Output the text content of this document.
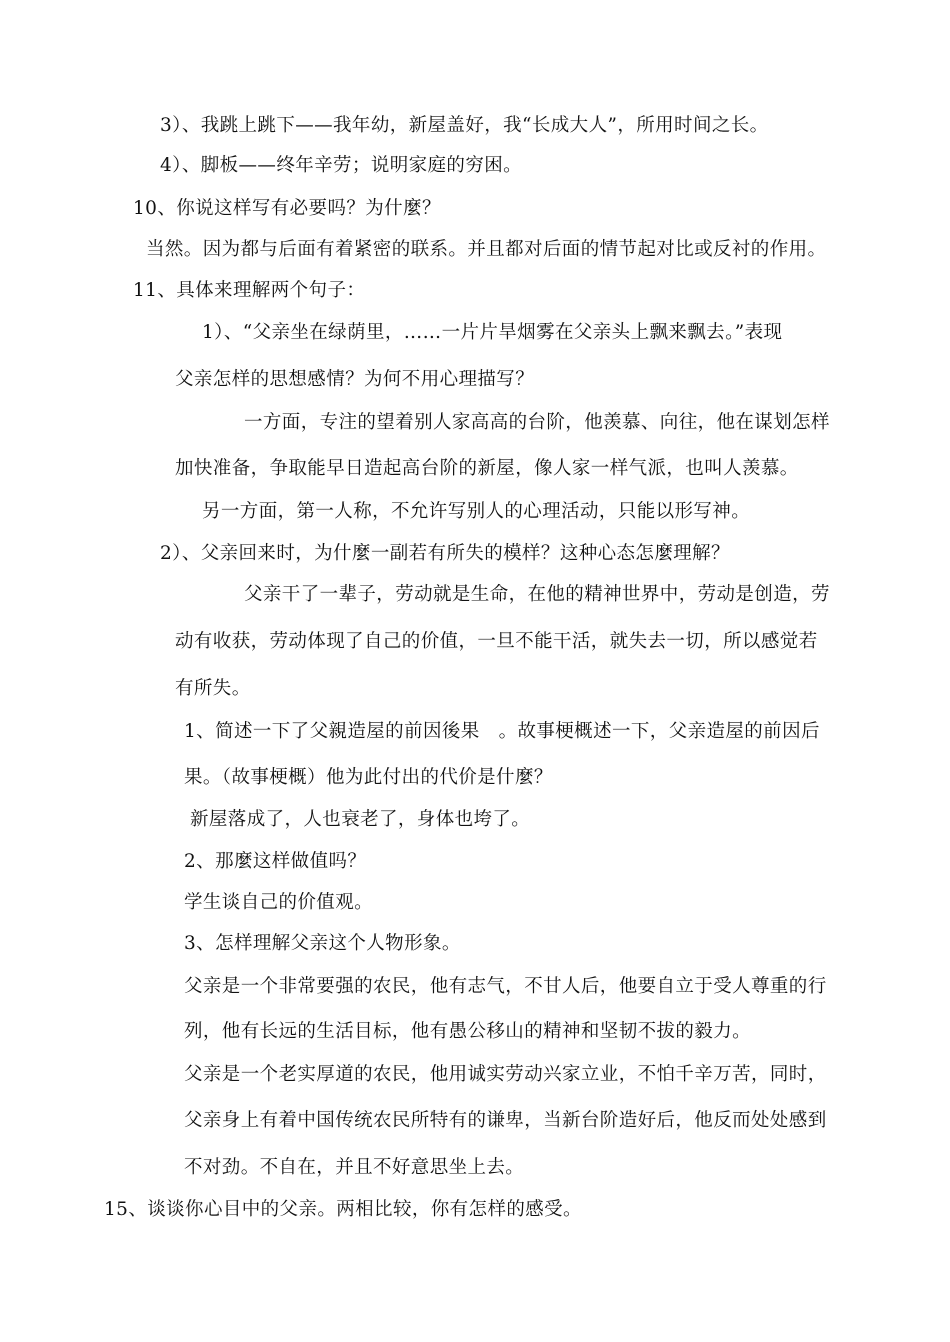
3）、我跳上跳下——我年幼，新屋盖好，我“长成大人”，所用时间之长。
4）、脚板——终年辛劳；说明家庭的穷困。
10、你说这样写有必要吗？为什麼？
当然。因为都与后面有着紧密的联系。并且都对后面的情节起对比或反衬的作用。
11、具体来理解两个句子：
1）、“父亲坐在绿荫里，……一片片旱烟雾在父亲头上飘来飘去。”表现
父亲怎样的思想感情？为何不用心理描写？
一方面，专注的望着别人家高高的台阶，他羡慕、向往，他在谋划怎样
加快准备，争取能早日造起高台阶的新屋，像人家一样气派，也叫人羡慕。
另一方面，第一人称，不允许写别人的心理活动，只能以形写神。
2）、父亲回来时，为什麼一副若有所失的模样？这种心态怎麼理解？
父亲干了一辈子，劳动就是生命，在他的精神世界中，劳动是创造，劳
动有收获，劳动体现了自己的价值，一旦不能干活，就失去一切，所以感觉若
有所失。
1、简述一下了父親造屋的前因後果　。故事梗概述一下，父亲造屋的前因后
果。（故事梗概）他为此付出的代价是什麼？
新屋落成了，人也衰老了，身体也垮了。
2、那麼这样做值吗？
学生谈自己的价值观。
3、怎样理解父亲这个人物形象。
父亲是一个非常要强的农民，他有志气，不甘人后，他要自立于受人尊重的行
列，他有长远的生活目标，他有愚公移山的精神和坚韧不拔的毅力。
父亲是一个老实厚道的农民，他用诚实劳动兴家立业，不怕千辛万苦，同时，
父亲身上有着中国传统农民所特有的谦卑，当新台阶造好后，他反而处处感到
不对劲。不自在，并且不好意思坐上去。
15、谈谈你心目中的父亲。两相比较，你有怎样的感受。
